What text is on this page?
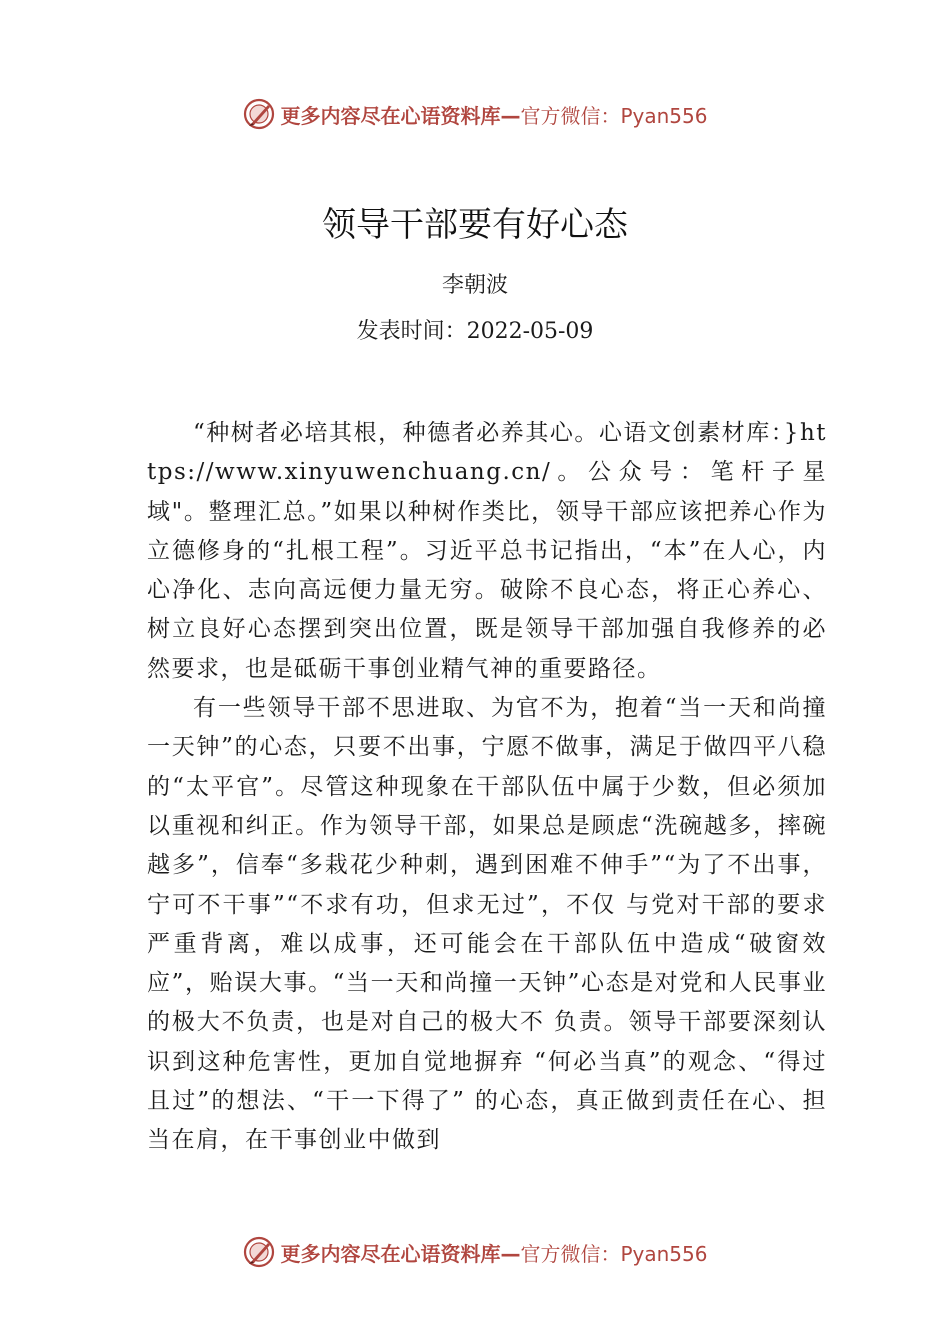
更多内容尽在心语资料库— 官方微信：Pyan556
领导干部要有好心态
李朝波
发表时间：2022-05-09

“种树者必培其根，种德者必养其心。心语文创素材库：}https://www.xinyuwenchuang.cn/。公众号：笔杆子星域"。整理汇总。”如果以种树作类比，领导干部应该把养心作为立德修身的“扎根工程”。习近平总书记指出，“本”在人心，内心净化、志向高远便力量无穷。破除不良心态，将正心养心、树立良好心态摆到突出位置，既是领导干部加强自我修养的必然要求，也是砥砺干事创业精气神的重要路径。

有一些领导干部不思进取、为官不为，抱着“当一天和尚撞一天钟”的心态，只要不出事，宁愿不做事，满足于做四平八稳的“太平官”。尽管这种现象在干部队伍中属于少数，但必须加以重视和纠正。作为领导干部，如果总是顾虑“洗碗越多，摔碗越多”，信奉“多栽花少种刺，遇到困难不伸手”“为了不出事，宁可不干事”“不求有功，但求无过”，不仅 与党对干部的要求严重背离，难以成事，还可能会在干部队伍中造成“破窗效应”，贻误大事。“当一天和尚撞一天钟”心态是对党和人民事业的极大不负责，也是对自己的极大不 负责。领导干部要深刻认识到这种危害性，更加自觉地摒弃 “何必当真”的观念、“得过且过”的想法、“干一下得了” 的心态，真正做到责任在心、担当在肩，在干事创业中做到

更多内容尽在心语资料库— 官方微信：Pyan556
